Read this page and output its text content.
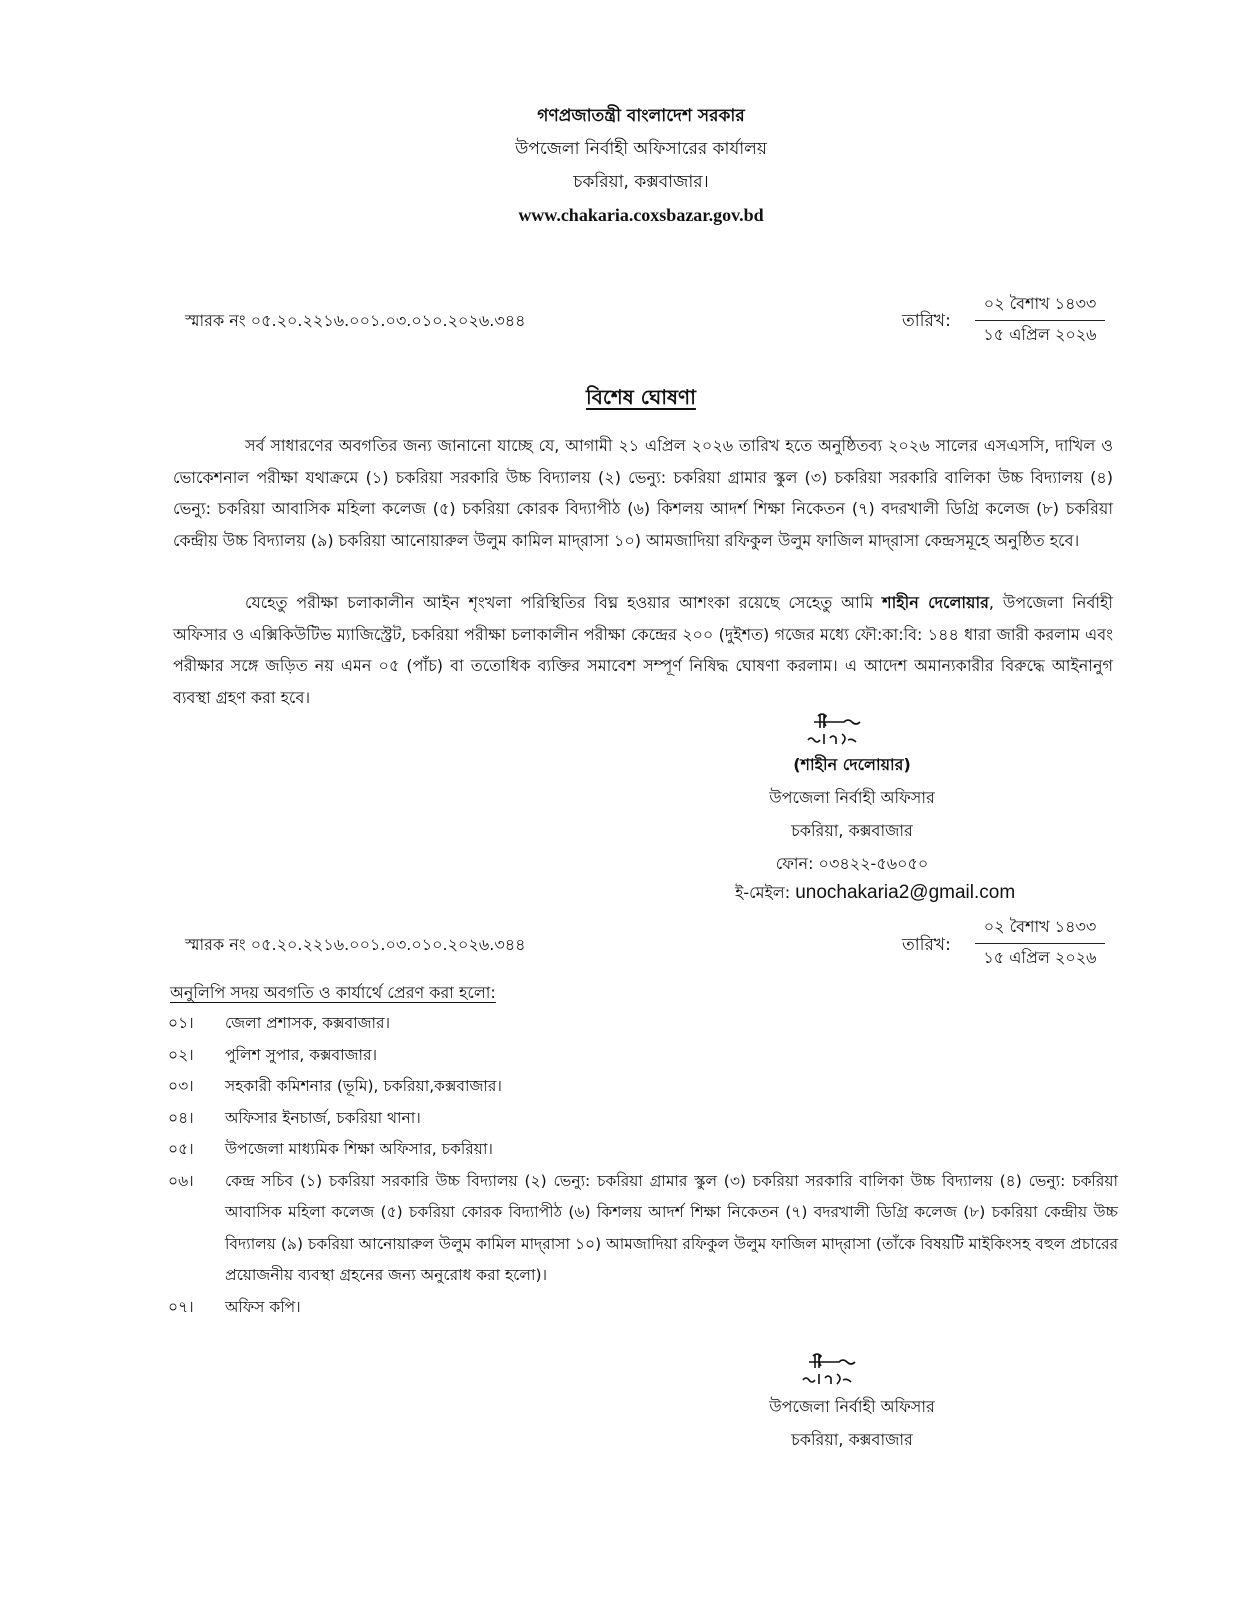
গণপ্রজাতন্ত্রী বাংলাদেশ সরকার
উপজেলা নির্বাহী অফিসারের কার্যালয়
চকরিয়া, কক্সবাজার।
www.chakaria.coxsbazar.gov.bd
স্মারক নং ০৫.২০.২২১৬.০০১.০৩.০১০.২০২৬.৩৪৪	তারিখ:
০২ বৈশাখ ১৪৩৩
১৫ এপ্রিল ২০২৬
বিশেষ ঘোষণা
সর্ব সাধারণের অবগতির জন্য জানানো যাচ্ছে যে, আগামী ২১ এপ্রিল ২০২৬ তারিখ হতে অনুষ্ঠিতব্য ২০২৬ সালের এসএসসি, দাখিল ও ভোকেশনাল পরীক্ষা যথাক্রমে (১) চকরিয়া সরকারি উচ্চ বিদ্যালয় (২) ভেন্যু: চকরিয়া গ্রামার স্কুল (৩) চকরিয়া সরকারি বালিকা উচ্চ বিদ্যালয় (৪) ভেন্যু: চকরিয়া আবাসিক মহিলা কলেজ (৫) চকরিয়া কোরক বিদ্যাপীঠ (৬) কিশলয় আদর্শ শিক্ষা নিকেতন (৭) বদরখালী ডিগ্রি কলেজ (৮) চকরিয়া কেন্দ্রীয় উচ্চ বিদ্যালয় (৯) চকরিয়া আনোয়ারুল উলুম কামিল মাদ্‌রাসা ১০) আমজাদিয়া রফিকুল উলুম ফাজিল মাদ্‌রাসা কেন্দ্রসমূহে অনুষ্ঠিত হবে।
যেহেতু পরীক্ষা চলাকালীন আইন শৃংখলা পরিস্থিতির বিঘ্ন হওয়ার আশংকা রয়েছে সেহেতু আমি শাহীন দেলোয়ার, উপজেলা নির্বাহী অফিসার ও এক্সিকিউটিভ ম্যাজিস্ট্রেট, চকরিয়া পরীক্ষা চলাকালীন পরীক্ষা কেন্দ্রের ২০০ (দুইশত) গজের মধ্যে ফৌ:কা:বি: ১৪৪ ধারা জারী করলাম এবং পরীক্ষার সঙ্গে জড়িত নয় এমন ০৫ (পাঁচ) বা ততোধিক ব্যক্তির সমাবেশ সম্পূর্ণ নিষিদ্ধ ঘোষণা করলাম। এ আদেশ অমান্যকারীর বিরুদ্ধে আইনানুগ ব্যবস্থা গ্রহণ করা হবে।
(শাহীন দেলোয়ার)
উপজেলা নির্বাহী অফিসার
চকরিয়া, কক্সবাজার
ফোন: ০৩৪২২-৫৬০৫০
ই-মেইল: unochakaria2@gmail.com
স্মারক নং ০৫.২০.২২১৬.০০১.০৩.০১০.২০২৬.৩৪৪	তারিখ:
০২ বৈশাখ ১৪৩৩
১৫ এপ্রিল ২০২৬
অনুলিপি সদয় অবগতি ও কার্যার্থে প্রেরণ করা হলো:
০১।	জেলা প্রশাসক, কক্সবাজার।
০২।	পুলিশ সুপার, কক্সবাজার।
০৩।	সহকারী কমিশনার (ভূমি), চকরিয়া,কক্সবাজার।
০৪।	অফিসার ইনচার্জ, চকরিয়া থানা।
০৫।	উপজেলা মাধ্যমিক শিক্ষা অফিসার, চকরিয়া।
০৬।	কেন্দ্র সচিব (১) চকরিয়া সরকারি উচ্চ বিদ্যালয় (২) ভেন্যু: চকরিয়া গ্রামার স্কুল (৩) চকরিয়া সরকারি বালিকা উচ্চ বিদ্যালয় (৪) ভেন্যু: চকরিয়া আবাসিক মহিলা কলেজ (৫) চকরিয়া কোরক বিদ্যাপীঠ (৬) কিশলয় আদর্শ শিক্ষা নিকেতন (৭) বদরখালী ডিগ্রি কলেজ (৮) চকরিয়া কেন্দ্রীয় উচ্চ বিদ্যালয় (৯) চকরিয়া আনোয়ারুল উলুম কামিল মাদ্‌রাসা ১০) আমজাদিয়া রফিকুল উলুম ফাজিল মাদ্‌রাসা (তাঁকে বিষয়টি মাইকিংসহ বহুল প্রচারের প্রয়োজনীয় ব্যবস্থা গ্রহনের জন্য অনুরোধ করা হলো)।
০৭।	অফিস কপি।
উপজেলা নির্বাহী অফিসার
চকরিয়া, কক্সবাজার
